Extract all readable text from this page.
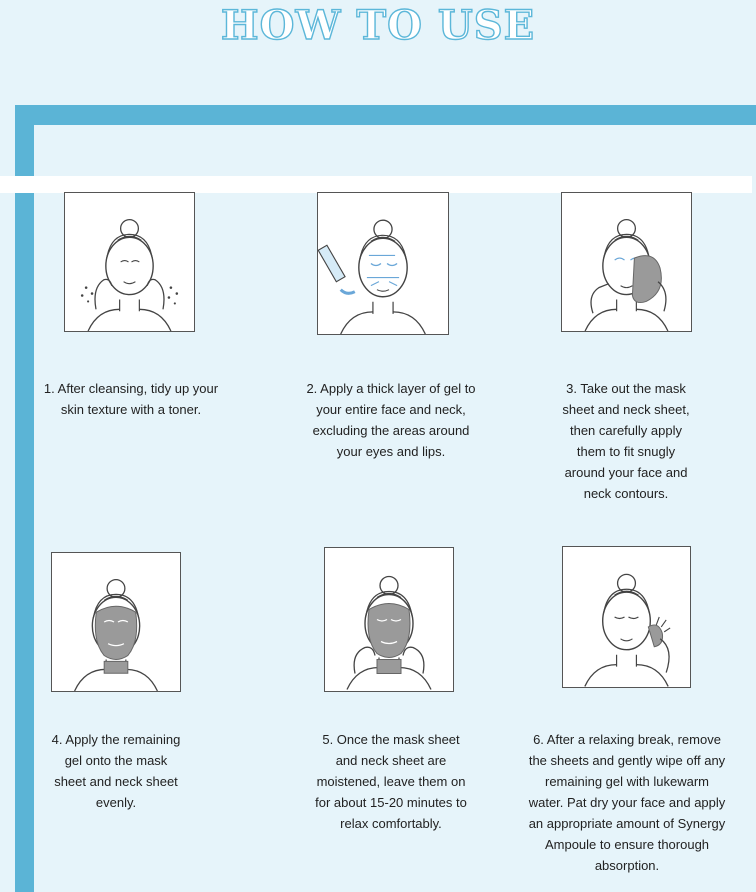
HOW TO USE
1. After cleansing, tidy up your skin texture with a toner.
2. Apply a thick layer of gel to your entire face and neck, excluding the areas around your eyes and lips.
3. Take out the mask sheet and neck sheet, then carefully apply them to fit snugly around your face and neck contours.
4. Apply the remaining gel onto the mask sheet and neck sheet evenly.
5. Once the mask sheet and neck sheet are moistened, leave them on for about 15-20 minutes to relax comfortably.
6. After a relaxing break, remove the sheets and gently wipe off any remaining gel with lukewarm water. Pat dry your face and apply an appropriate amount of Synergy Ampoule to ensure thorough absorption.
